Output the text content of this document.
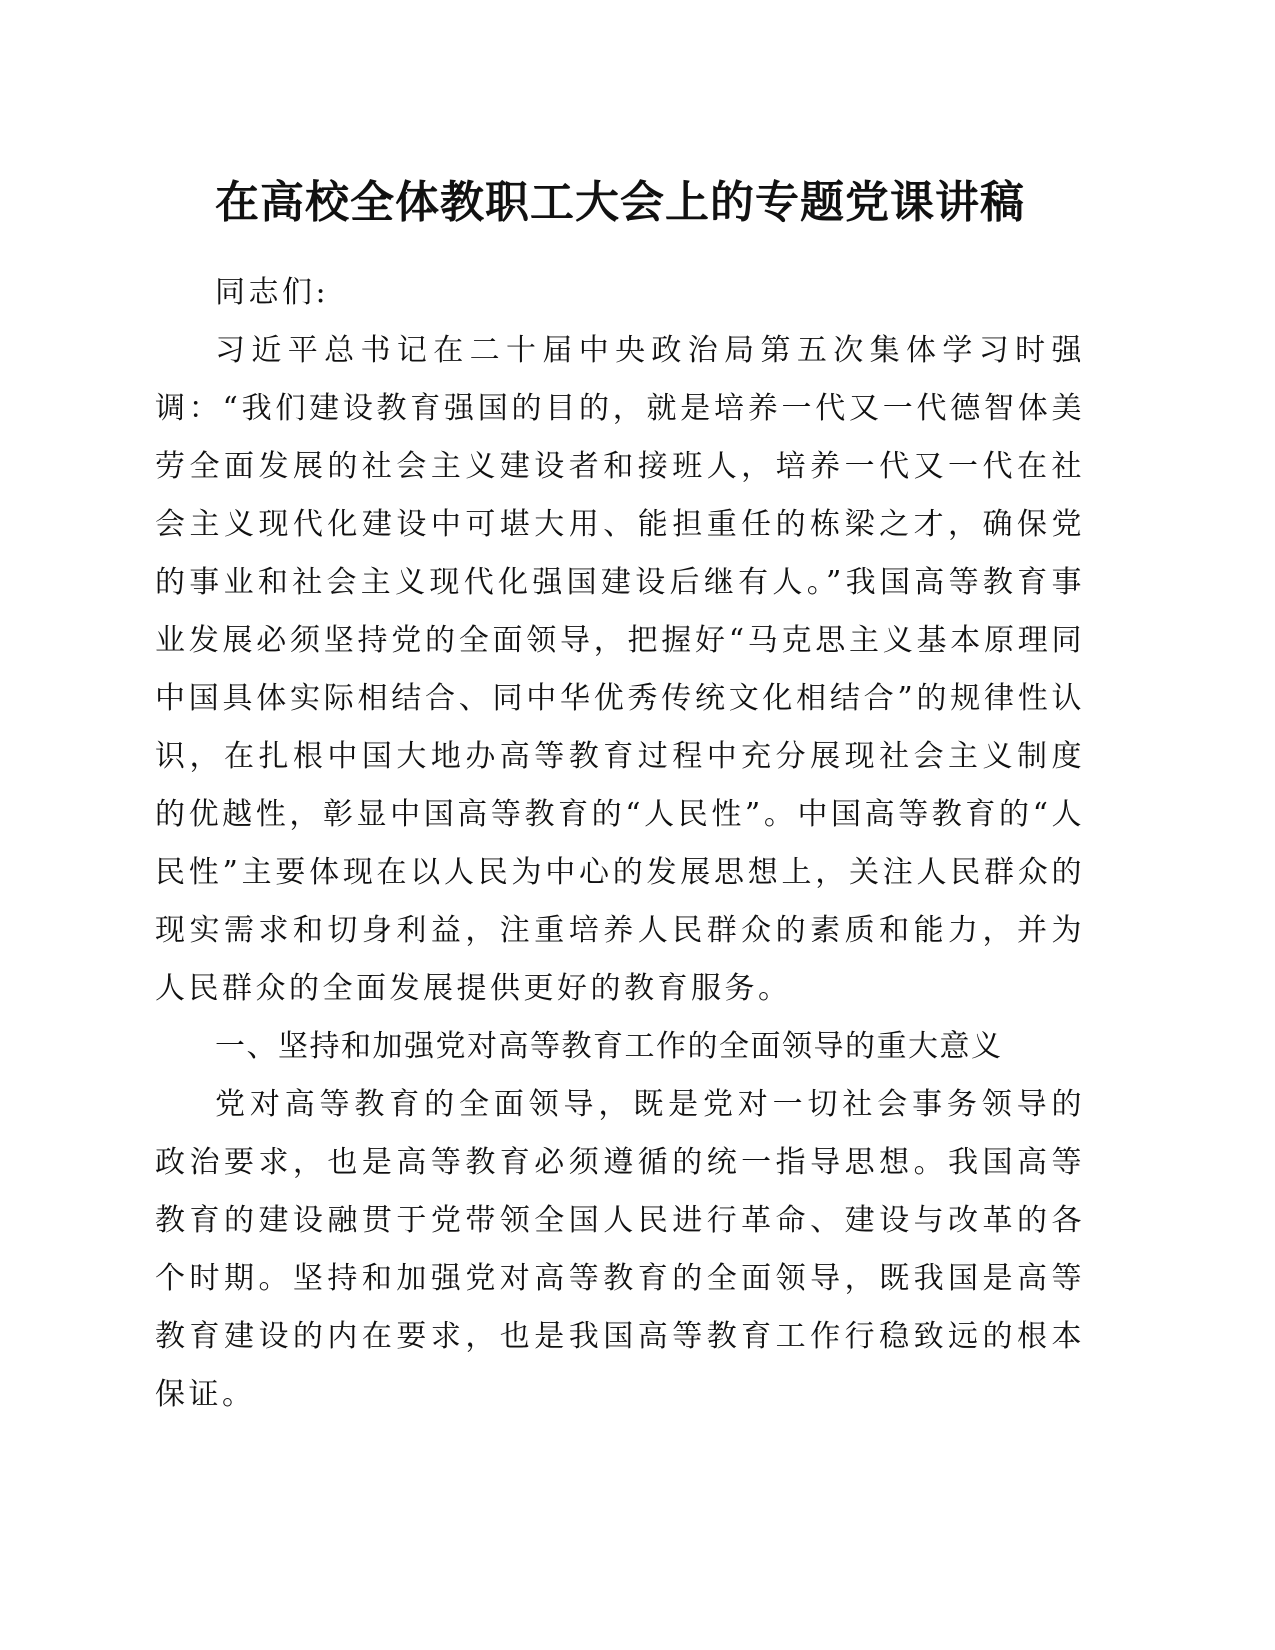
在高校全体教职工大会上的专题党课讲稿

同志们:

习近平总书记在二十届中央政治局第五次集体学习时强调：“我们建设教育强国的目的，就是培养一代又一代德智体美劳全面发展的社会主义建设者和接班人，培养一代又一代在社会主义现代化建设中可堪大用、能担重任的栋梁之才，确保党的事业和社会主义现代化强国建设后继有人。”我国高等教育事业发展必须坚持党的全面领导，把握好“马克思主义基本原理同中国具体实际相结合、同中华优秀传统文化相结合”的规律性认识，在扎根中国大地办高等教育过程中充分展现社会主义制度的优越性，彰显中国高等教育的“人民性”。中国高等教育的“人民性”主要体现在以人民为中心的发展思想上，关注人民群众的现实需求和切身利益，注重培养人民群众的素质和能力，并为人民群众的全面发展提供更好的教育服务。

一、坚持和加强党对高等教育工作的全面领导的重大意义

党对高等教育的全面领导，既是党对一切社会事务领导的政治要求，也是高等教育必须遵循的统一指导思想。我国高等教育的建设融贯于党带领全国人民进行革命、建设与改革的各个时期。坚持和加强党对高等教育的全面领导，既我国是高等教育建设的内在要求，也是我国高等教育工作行稳致远的根本保证。
